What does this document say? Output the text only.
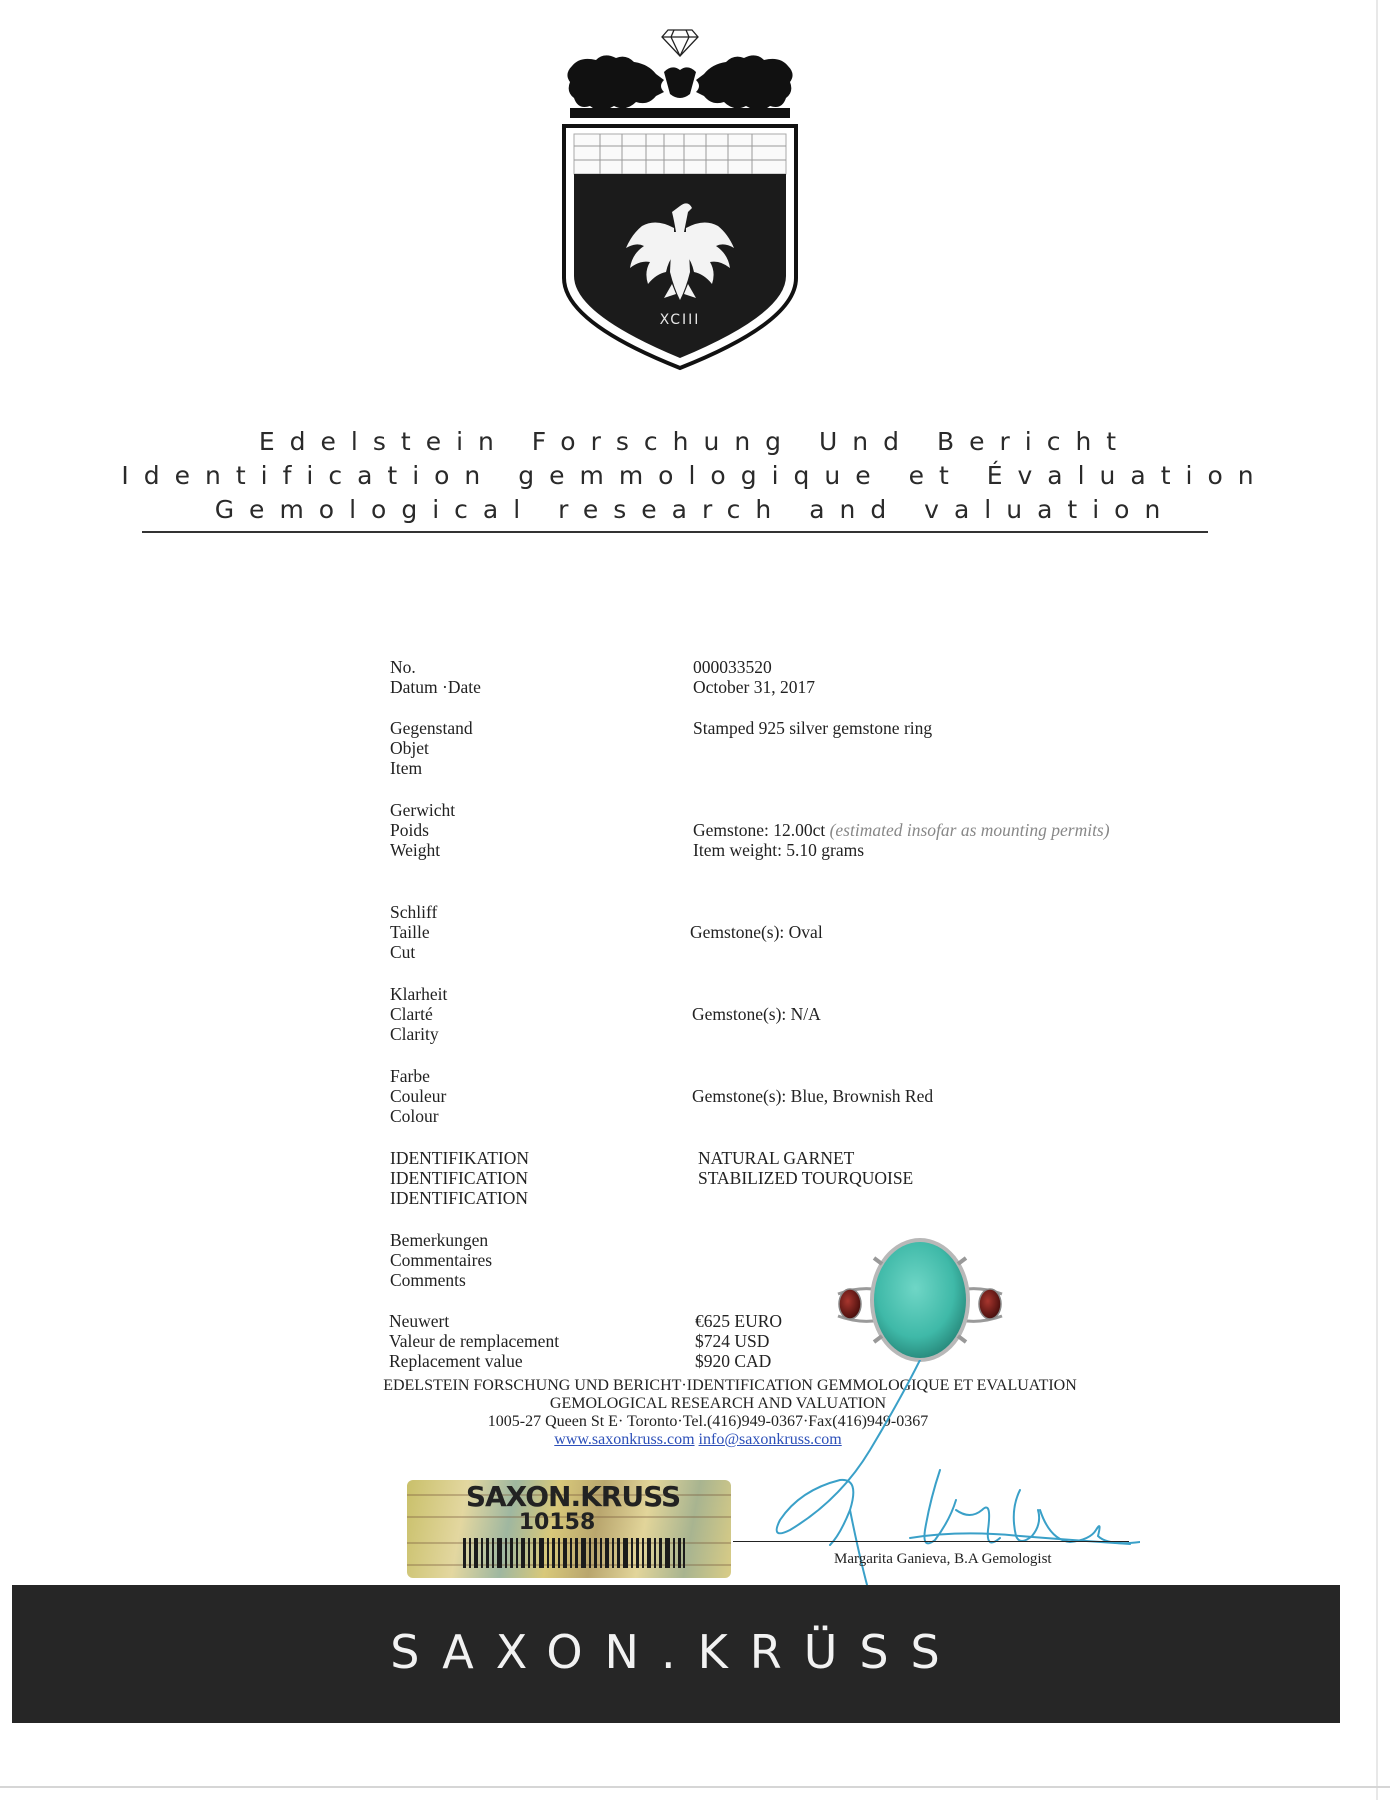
XCIII
Edelstein Forschung Und Bericht
Identification gemmologique et Évaluation
Gemological research and valuation
No.
Datum ·Date
000033520
October 31, 2017
Gegenstand
Objet
Item
Stamped 925 silver gemstone ring
Gerwicht
Poids
Weight
Gemstone: 12.00ct (estimated insofar as mounting permits)
Item weight: 5.10 grams
Schliff
Taille
Cut
Gemstone(s): Oval
Klarheit
Clarté
Clarity
Gemstone(s): N/A
Farbe
Couleur
Colour
Gemstone(s): Blue, Brownish Red
IDENTIFIKATION
IDENTIFICATION
IDENTIFICATION
NATURAL GARNET
STABILIZED TOURQUOISE
Bemerkungen
Commentaires
Comments
Neuwert
Valeur de remplacement
Replacement value
€625 EURO
$724 USD
$920 CAD
EDELSTEIN FORSCHUNG UND BERICHT·IDENTIFICATION GEMMOLOGIQUE ET EVALUATION
GEMOLOGICAL RESEARCH AND VALUATION
1005-27 Queen St E· Toronto·Tel.(416)949-0367·Fax(416)949-0367
www.saxonkruss.com info@saxonkruss.com
SAXON.KRUSS
10158
Margarita Ganieva, B.A Gemologist
SAXON.KRÜSS
